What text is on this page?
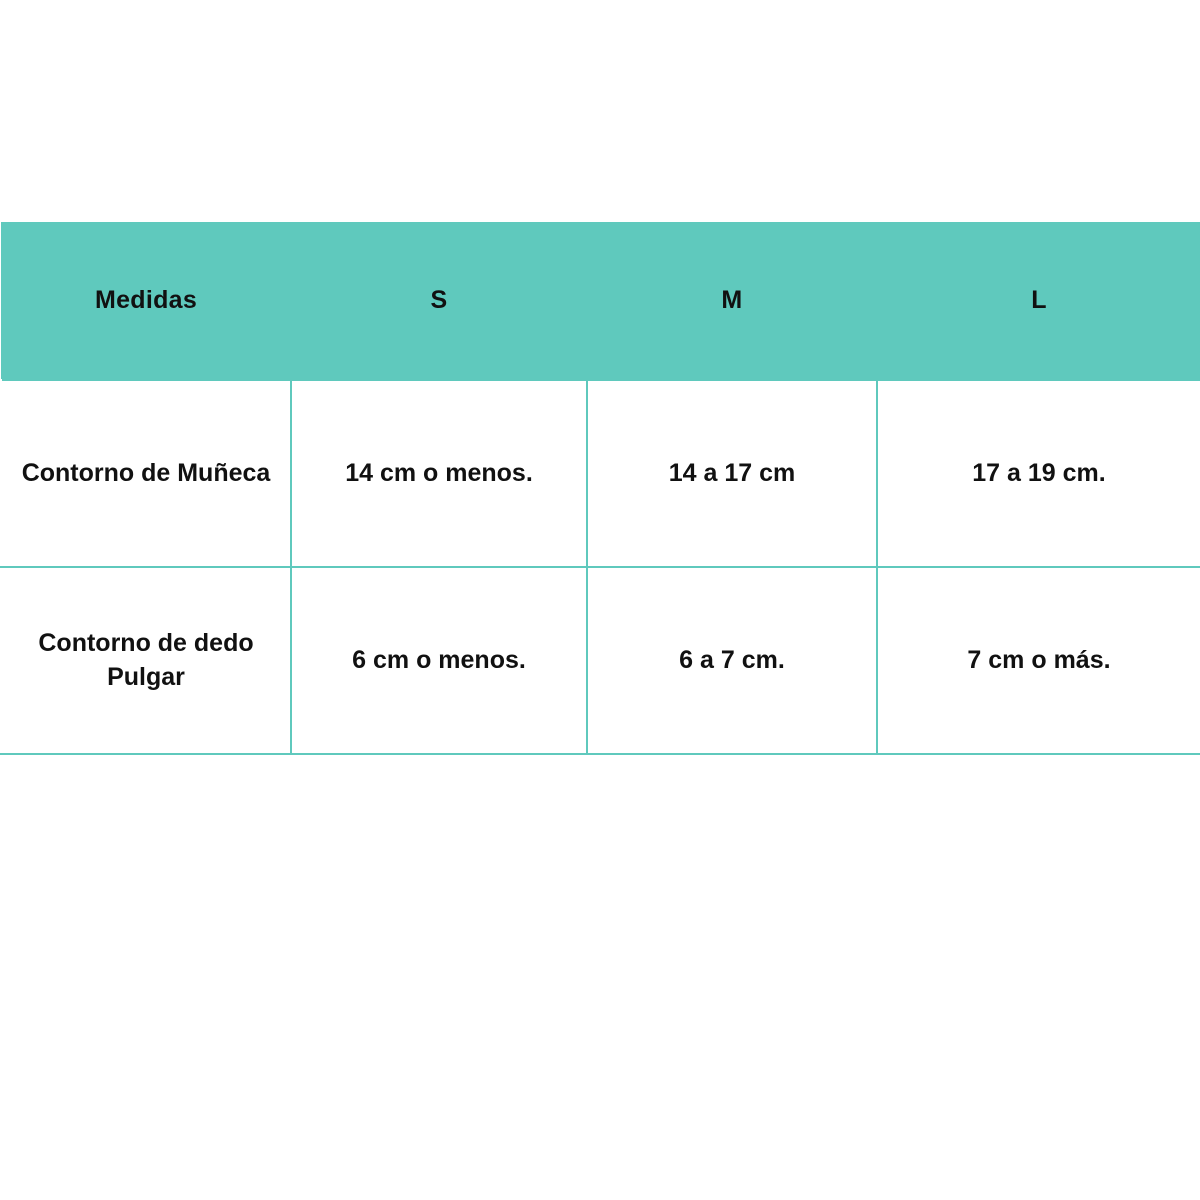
Medidas	S	M	L
Contorno de Muñeca	14 cm o menos.	14 a 17 cm	17 a 19 cm.
Contorno de dedo Pulgar	6 cm o menos.	6 a 7 cm.	7 cm o más.
